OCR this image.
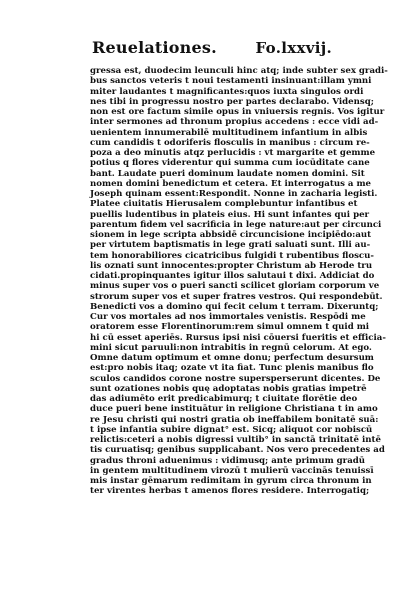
Reuelationes.	Fo.lxxvij.
gressa est, duodecim leunculi hinc atq; inde subter sex gradi-
bus sanctos veteris t noui testamenti insinuant:illam ymni
miter laudantes t magnificantes:quos iuxta singulos ordi
nes tibi in progressu nostro per partes declarabo. Vidensq;
non est ore factum simile opus in vniuersis regnis. Vos igitur
inter sermones ad thronum propius accedens : ecce vidi ad-
uenientem innumerabilē multitudinem infantium in albis
cum candidis t odoriferis flosculis in manibus : circum re-
poza a deo minutis atqz perlucidis : vt margarite et gemme
potius q flores viderentur qui summa cum iocūditate cane
bant. Laudate pueri dominum laudate nomen domini. Sit
nomen domini benedictum et cetera. Et interrogatus a me
Joseph quinam essent:Respondit. Nonne in zacharia legisti.
Platee ciuitatis Hierusalem complebuntur infantibus et
puellis ludentibus in plateis eius. Hi sunt infantes qui per
parentum fidem vel sacrificia in lege nature:aut per circunci
sionem in lege scripta abbsidē circuncisione incipiēdo:aut
per virtutem baptismatis in lege grati saluati sunt. Illi au-
tem honorabiliores cicatricibus fulgidi t rubentibus floscu-
lis oznati sunt innocentes:propter Christum ab Herode tru
cidati.propinquantes igitur illos salutaui t dixi. Addiciat do
minus super vos o pueri sancti scilicet gloriam corporum ve
strorum super vos et super fratres vestros. Qui respondebūt.
Benedicti vos a domino qui fecit celum t terram. Dixeruntq;
Cur vos mortales ad nos immortales venistis. Respōdi me
oratorem esse Florentinorum:rem simul omnem t quid mi
hi cū esset aperiēs. Rursus ipsi nisi cōuersi fueritis et efficia-
mini sicut paruuli:non intrabitis in regnū celorum. At ego.
Omne datum optimum et omne donu; perfectum desursum
est:pro nobis itaq; ozate vt ita fiat. Tunc plenis manibus flo
sculos candidos corone nostre supersperserunt dicentes. De
sunt ozationes nobis quę adoptatas nobis gratias impetrē
das adiumēto erit predicabimurq; t ciuitate florētie deo
duce pueri bene instituātur in religione Christiana t in amo
re Jesu christi qui nostri gratia ob ineffabilem bonitatē suā:
t ipse infantia subire dignat° est. Sicq; aliquot cor nobiscū
relictis:ceteri a nobis digressi vultib° in sanctā trinitatē intē
tis curuatisq; genibus supplicabant. Nos vero precedentes ad
gradus throni aduenimus : vidimusq; ante primum gradū
in gentem multitudinem virozū t mulierū vaccinās tenuissī
mis instar gēmarum redimitam in gyrum circa thronum in
ter virentes herbas t amenos flores residere. Interrogatiq;
